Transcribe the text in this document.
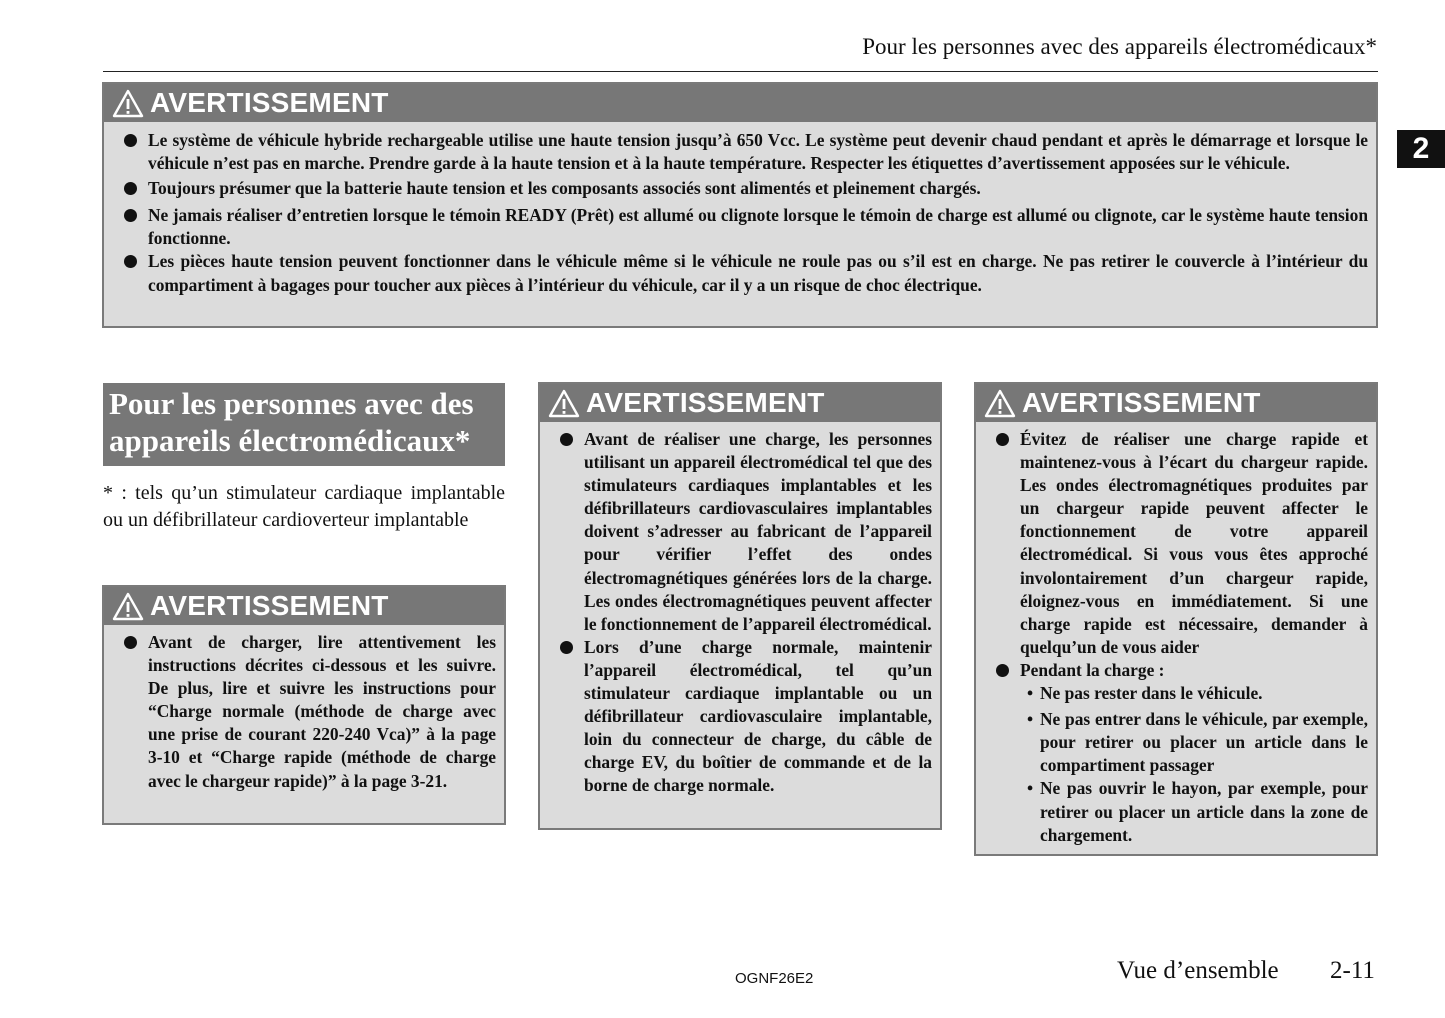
Pour les personnes avec des appareils électromédicaux*
2
AVERTISSEMENT
Le système de véhicule hybride rechargeable utilise une haute tension jusqu’à 650 Vcc. Le système peut devenir chaud pendant et après le démarrage et lorsque le véhicule n’est pas en marche. Prendre garde à la haute tension et à la haute température. Respecter les étiquettes d’avertissement apposées sur le véhicule.
Toujours présumer que la batterie haute tension et les composants associés sont alimentés et pleinement chargés.
Ne jamais réaliser d’entretien lorsque le témoin READY (Prêt) est allumé ou clignote lorsque le témoin de charge est allumé ou clignote, car le système haute tension fonctionne.
Les pièces haute tension peuvent fonctionner dans le véhicule même si le véhicule ne roule pas ou s’il est en charge. Ne pas retirer le couvercle à l’intérieur du compartiment à bagages pour toucher aux pièces à l’intérieur du véhicule, car il y a un risque de choc électrique.
Pour les personnes avec des appareils électromédicaux*
* : tels qu’un stimulateur cardiaque implantable ou un défibrillateur cardioverteur implantable
AVERTISSEMENT
Avant de charger, lire attentivement les instructions décrites ci-dessous et les suivre. De plus, lire et suivre les instructions pour “Charge normale (méthode de charge avec une prise de courant 220-240 Vca)” à la page 3-10 et “Charge rapide (méthode de charge avec le chargeur rapide)” à la page 3-21.
AVERTISSEMENT
Avant de réaliser une charge, les personnes utilisant un appareil électromédical tel que des stimulateurs cardiaques implantables et les défibrillateurs cardiovasculaires implantables doivent s’adresser au fabricant de l’appareil pour vérifier l’effet des ondes électromagnétiques générées lors de la charge. Les ondes électromagnétiques peuvent affecter le fonctionnement de l’appareil électromédical.
Lors d’une charge normale, maintenir l’appareil électromédical, tel qu’un stimulateur cardiaque implantable ou un défibrillateur cardiovasculaire implantable, loin du connecteur de charge, du câble de charge EV, du boîtier de commande et de la borne de charge normale.
AVERTISSEMENT
Évitez de réaliser une charge rapide et maintenez-vous à l’écart du chargeur rapide. Les ondes électromagnétiques produites par un chargeur rapide peuvent affecter le fonctionnement de votre appareil électromédical. Si vous vous êtes approché involontairement d’un chargeur rapide, éloignez-vous en immédiatement. Si une charge rapide est nécessaire, demander à quelqu’un de vous aider
Pendant la charge :
• Ne pas rester dans le véhicule.
• Ne pas entrer dans le véhicule, par exemple, pour retirer ou placer un article dans le compartiment passager
• Ne pas ouvrir le hayon, par exemple, pour retirer ou placer un article dans la zone de chargement.
OGNF26E2	Vue d’ensemble 2-11
